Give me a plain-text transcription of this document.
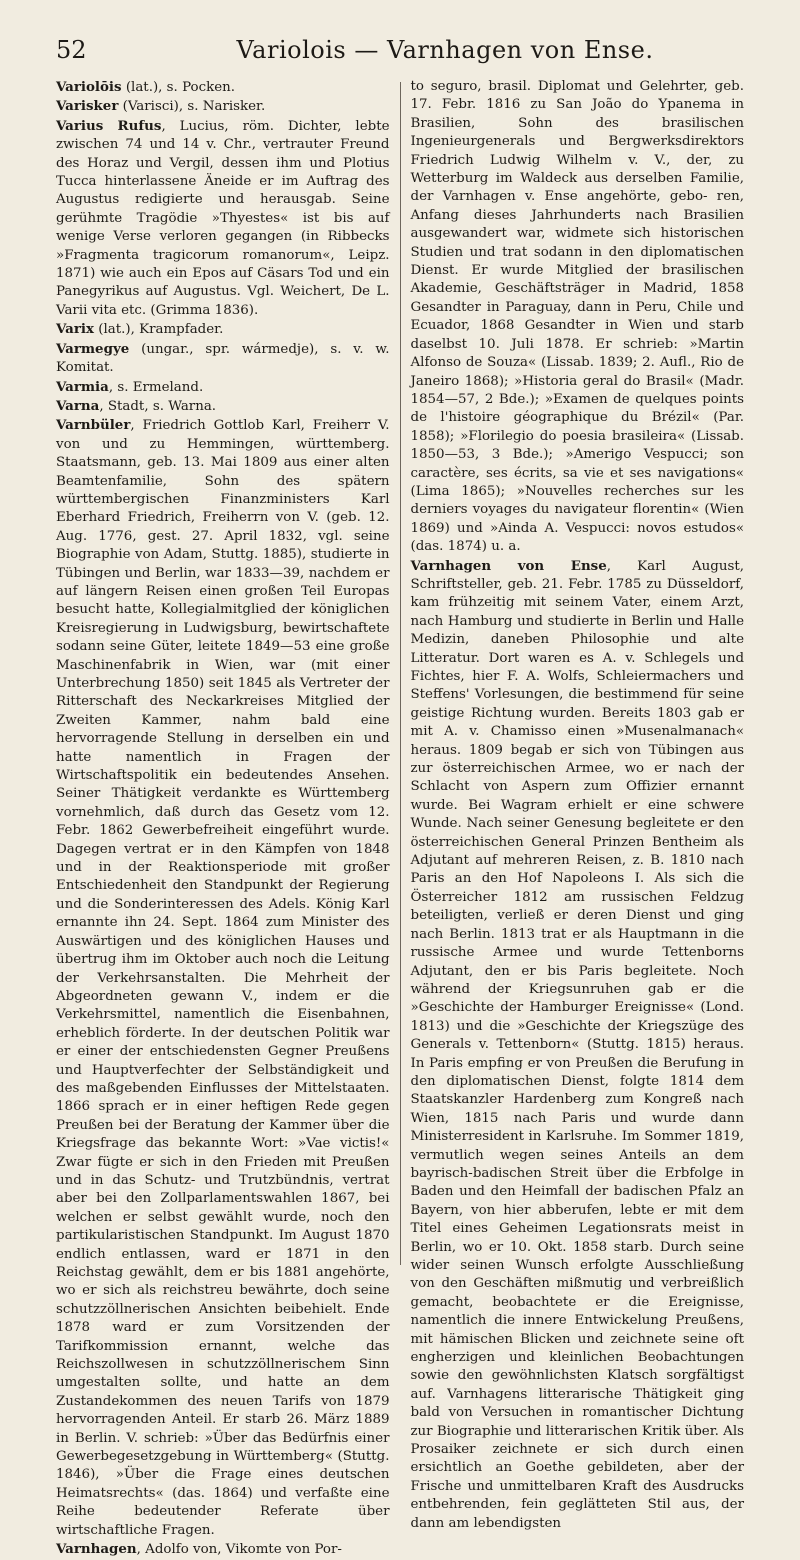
52	Variolois — Varnhagen von Ense.

Variolōis (lat.), s. Pocken.

Varisker (Varisci), s. Narisker.

Varius Rufus, Lucius, röm. Dichter, lebte zwischen 74 und 14 v. Chr., vertrauter Freund des Horaz und Vergil, dessen ihm und Plotius Tucca hinterlassene Äneide er im Auftrag des Augustus redigierte und herausgab. Seine gerühmte Tragödie »Thyestes« ist bis auf wenige Verse verloren gegangen (in Ribbecks »Fragmenta tragicorum romanorum«, Leipz. 1871) wie auch ein Epos auf Cäsars Tod und ein Panegyrikus auf Augustus. Vgl. Weichert, De L. Varii vita etc. (Grimma 1836).

Varix (lat.), Krampfader.

Varmegye (ungar., spr. wármedje), s. v. w. Komitat.

Varmia, s. Ermeland.

Varna, Stadt, s. Warna.

Varnbüler, Friedrich Gottlob Karl, Freiherr V. von und zu Hemmingen, württemberg. Staatsmann, geb. 13. Mai 1809 aus einer alten Beamtenfamilie, Sohn des spätern württembergischen Finanzministers Karl Eberhard Friedrich, Freiherrn von V. (geb. 12. Aug. 1776, gest. 27. April 1832, vgl. seine Biographie von Adam, Stuttg. 1885), studierte in Tübingen und Berlin, war 1833—39, nachdem er auf längern Reisen einen großen Teil Europas besucht hatte, Kollegialmitglied der königlichen Kreisregierung in Ludwigsburg, bewirtschaftete sodann seine Güter, leitete 1849—53 eine große Maschinenfabrik in Wien, war (mit einer Unterbrechung 1850) seit 1845 als Vertreter der Ritterschaft des Neckarkreises Mitglied der Zweiten Kammer, nahm bald eine hervorragende Stellung in derselben ein und hatte namentlich in Fragen der Wirtschaftspolitik ein bedeutendes Ansehen. Seiner Thätigkeit verdankte es Württemberg vornehmlich, daß durch das Gesetz vom 12. Febr. 1862 Gewerbefreiheit eingeführt wurde. Dagegen vertrat er in den Kämpfen von 1848 und in der Reaktionsperiode mit großer Entschiedenheit den Standpunkt der Regierung und die Sonderinteressen des Adels. König Karl ernannte ihn 24. Sept. 1864 zum Minister des Auswärtigen und des königlichen Hauses und übertrug ihm im Oktober auch noch die Leitung der Verkehrsanstalten. Die Mehrheit der Abgeordneten gewann V., indem er die Verkehrsmittel, namentlich die Eisenbahnen, erheblich förderte. In der deutschen Politik war er einer der entschiedensten Gegner Preußens und Hauptverfechter der Selbständigkeit und des maßgebenden Einflusses der Mittelstaaten. 1866 sprach er in einer heftigen Rede gegen Preußen bei der Beratung der Kammer über die Kriegsfrage das bekannte Wort: »Vae victis!« Zwar fügte er sich in den Frieden mit Preußen und in das Schutz- und Trutzbündnis, vertrat aber bei den Zollparlamentswahlen 1867, bei welchen er selbst gewählt wurde, noch den partikularistischen Standpunkt. Im August 1870 endlich entlassen, ward er 1871 in den Reichstag gewählt, dem er bis 1881 angehörte, wo er sich als reichstreu bewährte, doch seine schutzzöllnerischen Ansichten beibehielt. Ende 1878 ward er zum Vorsitzenden der Tarifkommission ernannt, welche das Reichszollwesen in schutzzöllnerischem Sinn umgestalten sollte, und hatte an dem Zustandekommen des neuen Tarifs von 1879 hervorragenden Anteil. Er starb 26. März 1889 in Berlin. V. schrieb: »Über das Bedürfnis einer Gewerbegesetzgebung in Württemberg« (Stuttg. 1846), »Über die Frage eines deutschen Heimatsrechts« (das. 1864) und verfaßte eine Reihe bedeutender Referate über wirtschaftliche Fragen.

Varnhagen, Adolfo von, Vikomte von Por-

to seguro, brasil. Diplomat und Gelehrter, geb. 17. Febr. 1816 zu San João do Ypanema in Brasilien, Sohn des brasilischen Ingenieurgenerals und Bergwerksdirektors Friedrich Ludwig Wilhelm v. V., der, zu Wetterburg im Waldeck aus derselben Familie, der Varnhagen v. Ense angehörte, gebo- ren, Anfang dieses Jahrhunderts nach Brasilien ausgewandert war, widmete sich historischen Studien und trat sodann in den diplomatischen Dienst. Er wurde Mitglied der brasilischen Akademie, Geschäftsträger in Madrid, 1858 Gesandter in Paraguay, dann in Peru, Chile und Ecuador, 1868 Gesandter in Wien und starb daselbst 10. Juli 1878. Er schrieb: »Martin Alfonso de Souza« (Lissab. 1839; 2. Aufl., Rio de Janeiro 1868); »Historia geral do Brasil« (Madr. 1854—57, 2 Bde.); »Examen de quelques points de l'histoire géographique du Brézil« (Par. 1858); »Florilegio do poesia brasileira« (Lissab. 1850—53, 3 Bde.); »Amerigo Vespucci; son caractère, ses écrits, sa vie et ses navigations« (Lima 1865); »Nouvelles recherches sur les derniers voyages du navigateur florentin« (Wien 1869) und »Ainda A. Vespucci: novos estudos« (das. 1874) u. a.

Varnhagen von Ense, Karl August, Schriftsteller, geb. 21. Febr. 1785 zu Düsseldorf, kam frühzeitig mit seinem Vater, einem Arzt, nach Hamburg und studierte in Berlin und Halle Medizin, daneben Philosophie und alte Litteratur. Dort waren es A. v. Schlegels und Fichtes, hier F. A. Wolfs, Schleiermachers und Steffens' Vorlesungen, die bestimmend für seine geistige Richtung wurden. Bereits 1803 gab er mit A. v. Chamisso einen »Musenalmanach« heraus. 1809 begab er sich von Tübingen aus zur österreichischen Armee, wo er nach der Schlacht von Aspern zum Offizier ernannt wurde. Bei Wagram erhielt er eine schwere Wunde. Nach seiner Genesung begleitete er den österreichischen General Prinzen Bentheim als Adjutant auf mehreren Reisen, z. B. 1810 nach Paris an den Hof Napoleons I. Als sich die Österreicher 1812 am russischen Feldzug beteiligten, verließ er deren Dienst und ging nach Berlin. 1813 trat er als Hauptmann in die russische Armee und wurde Tettenborns Adjutant, den er bis Paris begleitete. Noch während der Kriegsunruhen gab er die »Geschichte der Hamburger Ereignisse« (Lond. 1813) und die »Geschichte der Kriegszüge des Generals v. Tettenborn« (Stuttg. 1815) heraus. In Paris empfing er von Preußen die Berufung in den diplomatischen Dienst, folgte 1814 dem Staatskanzler Hardenberg zum Kongreß nach Wien, 1815 nach Paris und wurde dann Ministerresident in Karlsruhe. Im Sommer 1819, vermutlich wegen seines Anteils an dem bayrisch-badischen Streit über die Erbfolge in Baden und den Heimfall der badischen Pfalz an Bayern, von hier abberufen, lebte er mit dem Titel eines Geheimen Legationsrats meist in Berlin, wo er 10. Okt. 1858 starb. Durch seine wider seinen Wunsch erfolgte Ausschließung von den Geschäften mißmutig und verbreißlich gemacht, beobachtete er die Ereignisse, namentlich die innere Entwickelung Preußens, mit hämischen Blicken und zeichnete seine oft engherzigen und kleinlichen Beobachtungen sowie den gewöhnlichsten Klatsch sorgfältigst auf. Varnhagens litterarische Thätigkeit ging bald von Versuchen in romantischer Dichtung zur Biographie und litterarischen Kritik über. Als Prosaiker zeichnete er sich durch einen ersichtlich an Goethe gebildeten, aber der Frische und unmittelbaren Kraft des Ausdrucks entbehrenden, fein geglätteten Stil aus, der dann am lebendigsten
